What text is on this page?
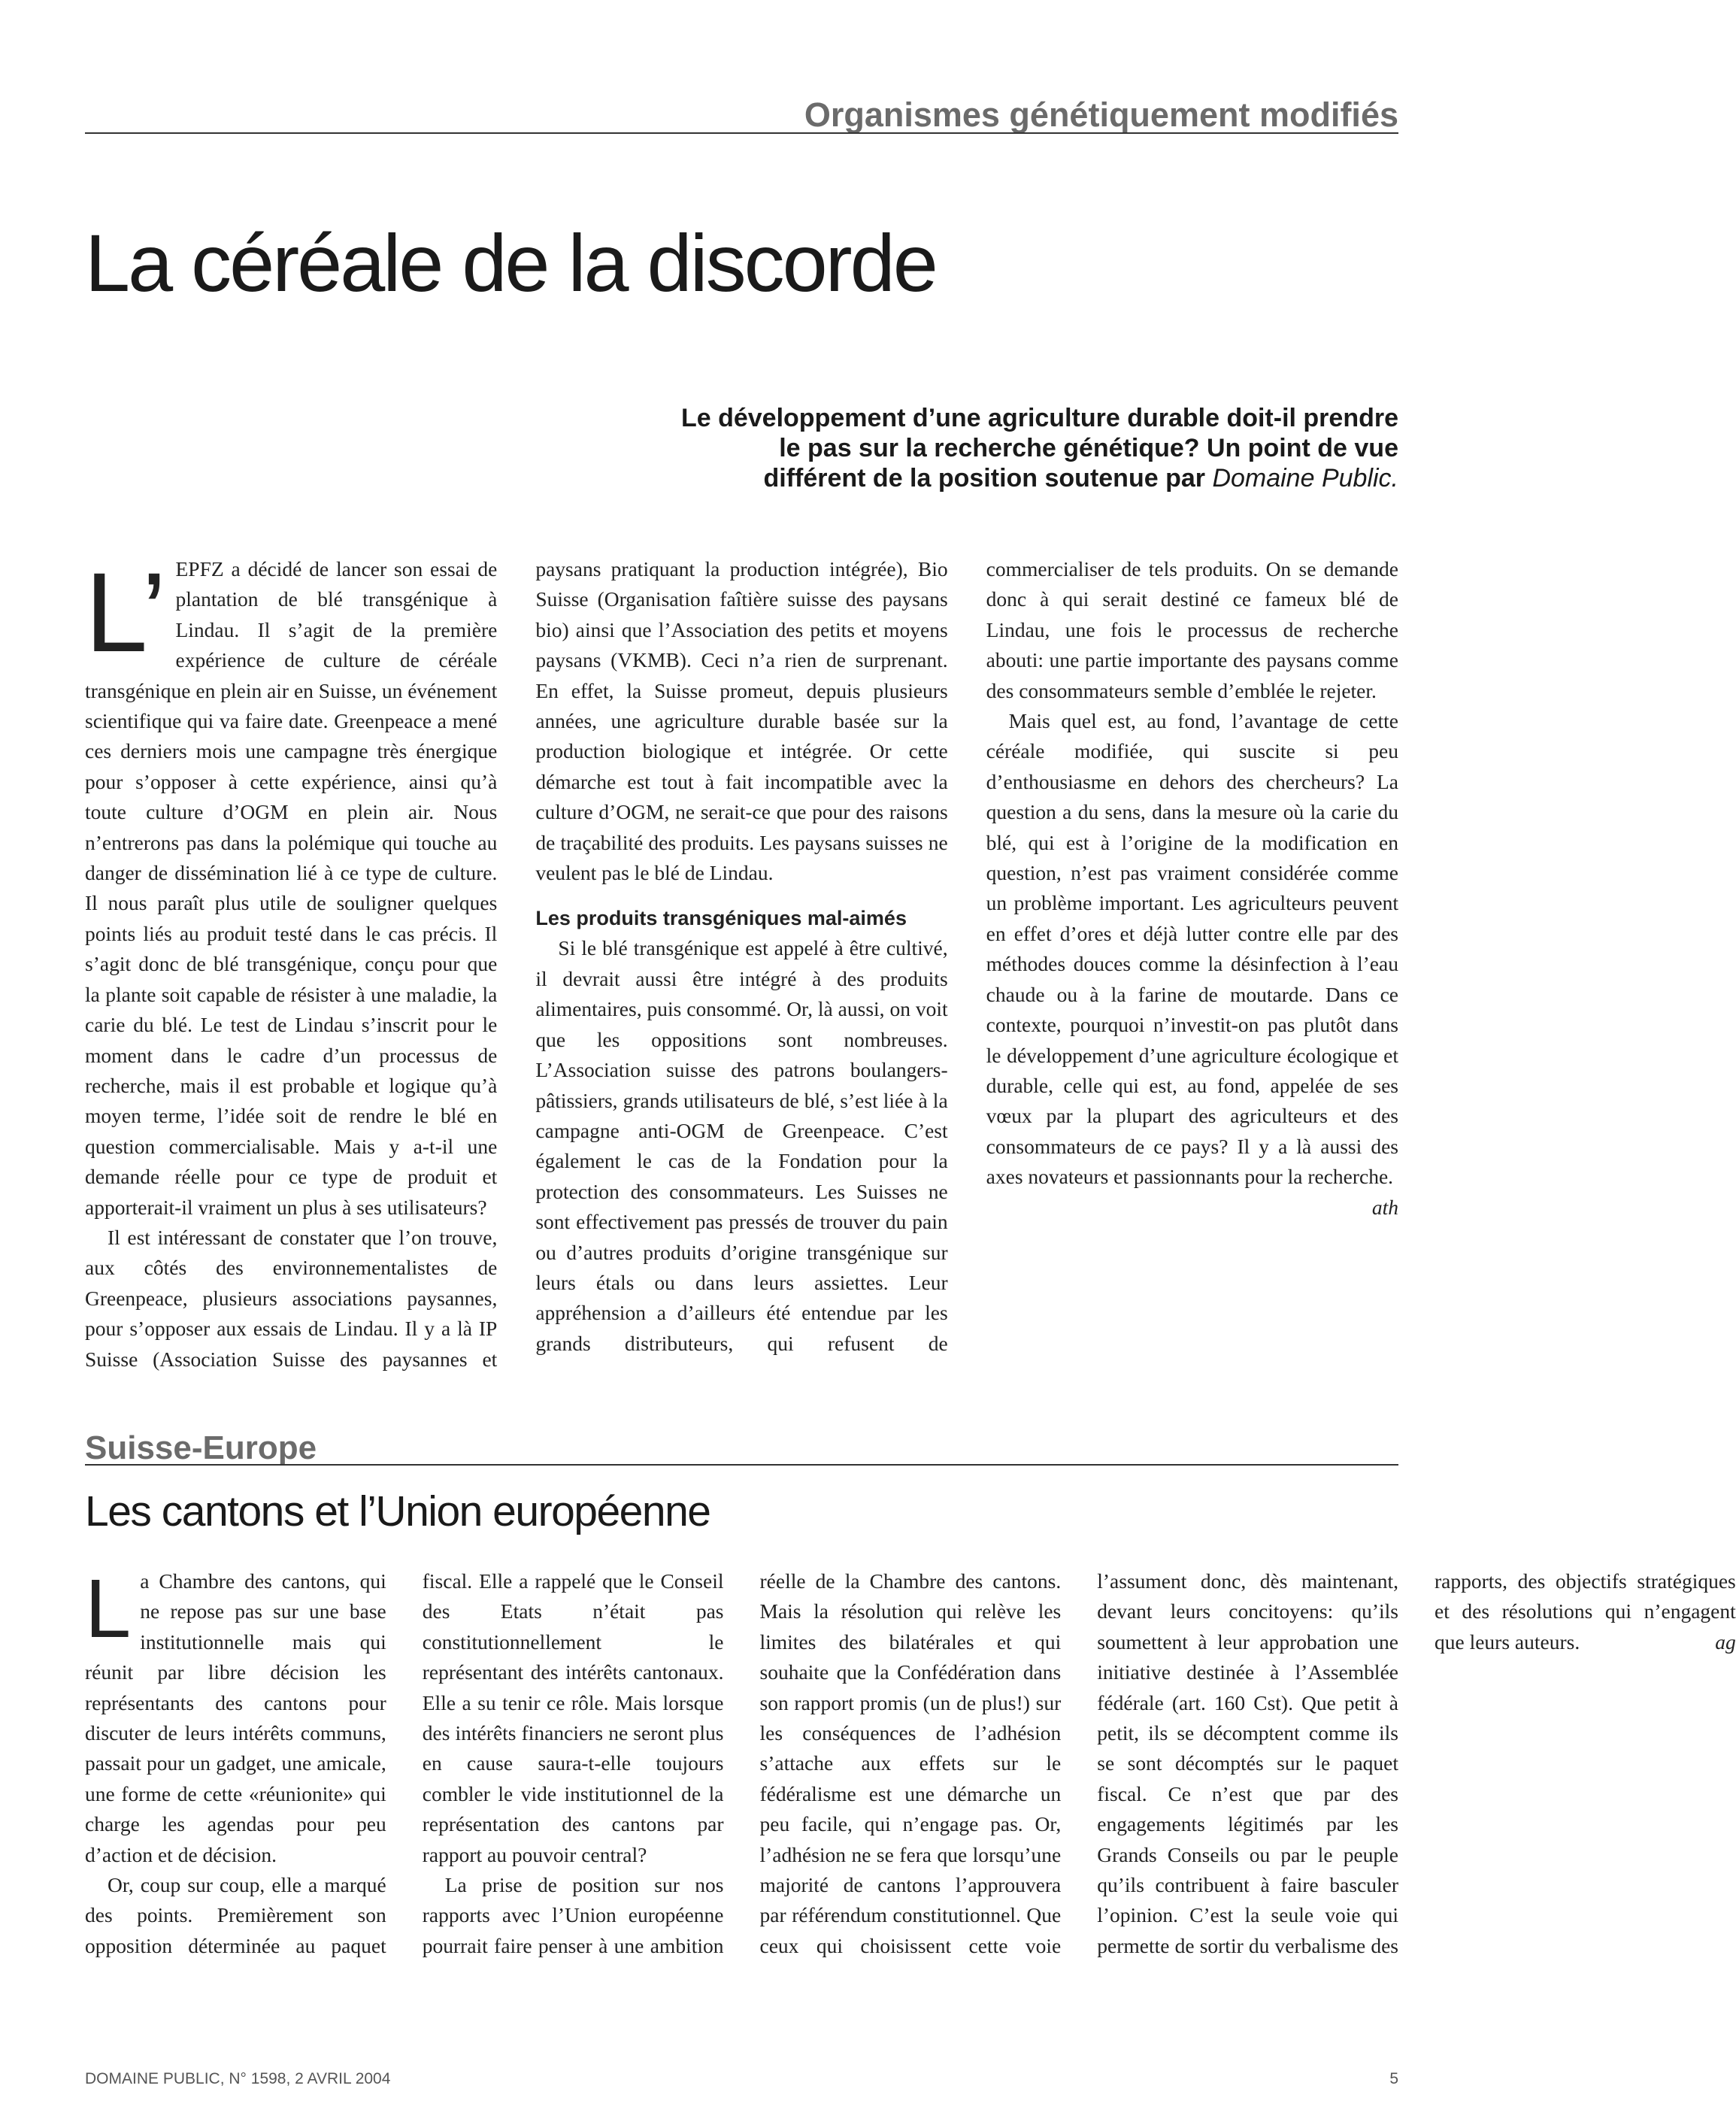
Organismes génétiquement modifiés
La céréale de la discorde
Le développement d’une agriculture durable doit-il prendre
le pas sur la recherche génétique? Un point de vue
différent de la position soutenue par Domaine Public.

L’ EPFZ a décidé de lancer son essai de plantation de blé transgénique à Lindau. Il s’agit de la première expérience de culture de céréale transgénique en plein air en Suisse, un événement scientifique qui va faire date. Greenpeace a mené ces derniers mois une campagne très énergique pour s’opposer à cette expérience, ainsi qu’à toute culture d’OGM en plein air. Nous n’entrerons pas dans la polémique qui touche au danger de dissémination lié à ce type de culture. Il nous paraît plus utile de souligner quelques points liés au produit testé dans le cas précis. Il s’agit donc de blé transgénique, conçu pour que la plante soit capable de résister à une maladie, la carie du blé. Le test de Lindau s’inscrit pour le moment dans le cadre d’un processus de recherche, mais il est probable et logique qu’à moyen terme, l’idée soit de rendre le blé en question commercialisable. Mais y a-t-il une demande réelle pour ce type de produit et apporterait-il vraiment un plus à ses utilisateurs?

Il est intéressant de constater que l’on trouve, aux côtés des environnementalistes de Greenpeace, plusieurs associations paysannes, pour s’opposer aux essais de Lindau. Il y a là IP Suisse (Association Suisse des paysannes et paysans pratiquant la production intégrée), Bio Suisse (Organisation faîtière suisse des paysans bio) ainsi que l’Association des petits et moyens paysans (VKMB). Ceci n’a rien de surprenant. En effet, la Suisse promeut, depuis plusieurs années, une agriculture durable basée sur la production biologique et intégrée. Or cette démarche est tout à fait incompatible avec la culture d’OGM, ne serait-ce que pour des raisons de traçabilité des produits. Les paysans suisses ne veulent pas le blé de Lindau.

Les produits transgéniques mal-aimés

Si le blé transgénique est appelé à être cultivé, il devrait aussi être intégré à des produits alimentaires, puis consommé. Or, là aussi, on voit que les oppositions sont nombreuses. L’Association suisse des patrons boulangers-pâtissiers, grands utilisateurs de blé, s’est liée à la campagne anti-OGM de Greenpeace. C’est également le cas de la Fondation pour la protection des consommateurs. Les Suisses ne sont effectivement pas pressés de trouver du pain ou d’autres produits d’origine transgénique sur leurs étals ou dans leurs assiettes. Leur appréhension a d’ailleurs été entendue par les grands distributeurs, qui refusent de commercialiser de tels produits. On se demande donc à qui serait destiné ce fameux blé de Lindau, une fois le processus de recherche abouti: une partie importante des paysans comme des consommateurs semble d’emblée le rejeter.

Mais quel est, au fond, l’avantage de cette céréale modifiée, qui suscite si peu d’enthousiasme en dehors des chercheurs? La question a du sens, dans la mesure où la carie du blé, qui est à l’origine de la modification en question, n’est pas vraiment considérée comme un problème important. Les agriculteurs peuvent en effet d’ores et déjà lutter contre elle par des méthodes douces comme la désinfection à l’eau chaude ou à la farine de moutarde. Dans ce contexte, pourquoi n’investit-on pas plutôt dans le développement d’une agriculture écologique et durable, celle qui est, au fond, appelée de ses vœux par la plupart des agriculteurs et des consommateurs de ce pays? Il y a là aussi des axes novateurs et passionnants pour la recherche.
ath

Suisse-Europe
Les cantons et l’Union européenne

La Chambre des cantons, qui ne repose pas sur une base institutionnelle mais qui réunit par libre décision les représentants des cantons pour discuter de leurs intérêts communs, passait pour un gadget, une amicale, une forme de cette «réunionite» qui charge les agendas pour peu d’action et de décision.

Or, coup sur coup, elle a marqué des points. Premièrement son opposition déterminée au paquet fiscal. Elle a rappelé que le Conseil des Etats n’était pas constitutionnellement le représentant des intérêts cantonaux. Elle a su tenir ce rôle. Mais lorsque des intérêts financiers ne seront plus en cause saura-t-elle toujours combler le vide institutionnel de la représentation des cantons par rapport au pouvoir central?

La prise de position sur nos rapports avec l’Union européenne pourrait faire penser à une ambition réelle de la Chambre des cantons. Mais la résolution qui relève les limites des bilatérales et qui souhaite que la Confédération dans son rapport promis (un de plus!) sur les conséquences de l’adhésion s’attache aux effets sur le fédéralisme est une démarche un peu facile, qui n’engage pas. Or, l’adhésion ne se fera que lorsqu’une majorité de cantons l’approuvera par référendum constitutionnel. Que ceux qui choisissent cette voie l’assument donc, dès maintenant, devant leurs concitoyens: qu’ils soumettent à leur approbation une initiative destinée à l’Assemblée fédérale (art. 160 Cst). Que petit à petit, ils se décomptent comme ils se sont décomptés sur le paquet fiscal. Ce n’est que par des engagements légitimés par les Grands Conseils ou par le peuple qu’ils contribuent à faire basculer l’opinion. C’est la seule voie qui permette de sortir du verbalisme des rapports, des objectifs stratégiques et des résolutions qui n’engagent que leurs auteurs.	ag

DOMAINE PUBLIC, N° 1598, 2 AVRIL 2004	5
